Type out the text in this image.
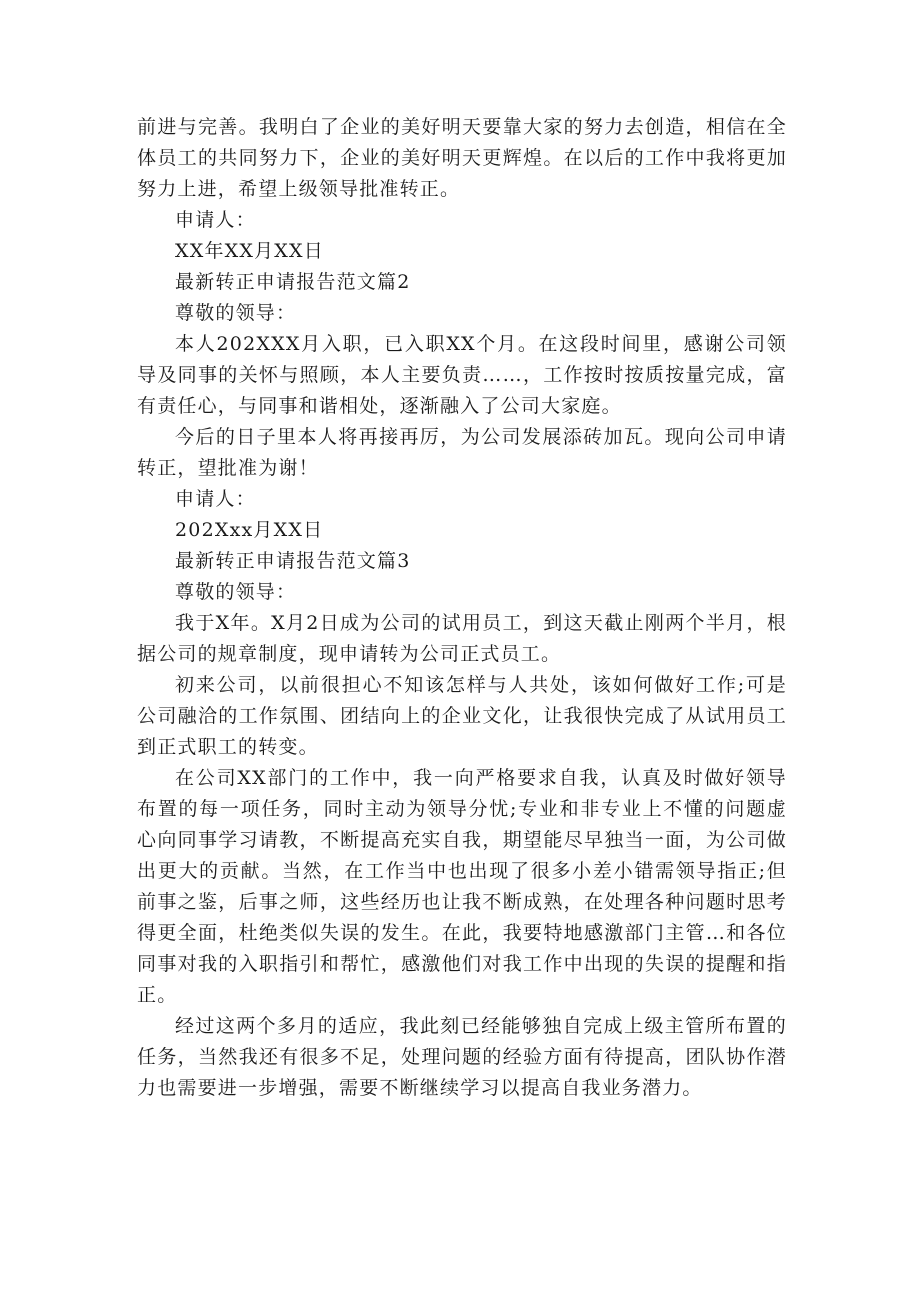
前进与完善。我明白了企业的美好明天要靠大家的努力去创造，相信在全体员工的共同努力下，企业的美好明天更辉煌。在以后的工作中我将更加努力上进，希望上级领导批准转正。

申请人：

XX年XX月XX日

最新转正申请报告范文篇2

尊敬的领导：

本人202XXX月入职，已入职XX个月。在这段时间里，感谢公司领导及同事的关怀与照顾，本人主要负责……，工作按时按质按量完成，富有责任心，与同事和谐相处，逐渐融入了公司大家庭。

今后的日子里本人将再接再厉，为公司发展添砖加瓦。现向公司申请转正，望批准为谢！

申请人：

202Xxx月XX日

最新转正申请报告范文篇3

尊敬的领导：

我于X年。X月2日成为公司的试用员工，到这天截止刚两个半月，根据公司的规章制度，现申请转为公司正式员工。

初来公司，以前很担心不知该怎样与人共处，该如何做好工作;可是公司融洽的工作氛围、团结向上的企业文化，让我很快完成了从试用员工到正式职工的转变。

在公司XX部门的工作中，我一向严格要求自我，认真及时做好领导布置的每一项任务，同时主动为领导分忧;专业和非专业上不懂的问题虚心向同事学习请教，不断提高充实自我，期望能尽早独当一面，为公司做出更大的贡献。当然，在工作当中也出现了很多小差小错需领导指正;但前事之鉴，后事之师，这些经历也让我不断成熟，在处理各种问题时思考得更全面，杜绝类似失误的发生。在此，我要特地感激部门主管…和各位同事对我的入职指引和帮忙，感激他们对我工作中出现的失误的提醒和指正。

经过这两个多月的适应，我此刻已经能够独自完成上级主管所布置的任务，当然我还有很多不足，处理问题的经验方面有待提高，团队协作潜力也需要进一步增强，需要不断继续学习以提高自我业务潜力。
